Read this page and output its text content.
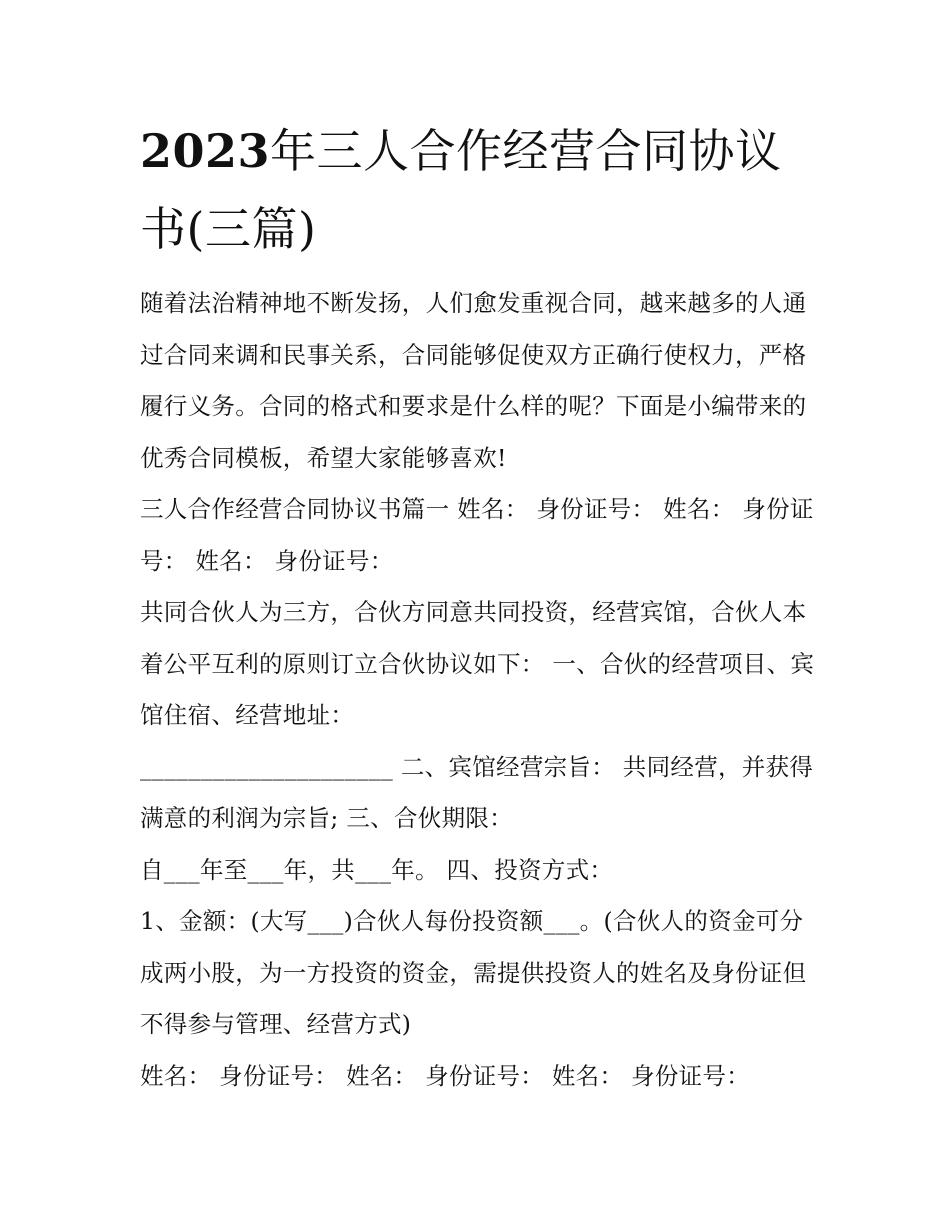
2023年三人合作经营合同协议书(三篇)

随着法治精神地不断发扬，人们愈发重视合同，越来越多的人通过合同来调和民事关系，合同能够促使双方正确行使权力，严格履行义务。合同的格式和要求是什么样的呢？下面是小编带来的优秀合同模板，希望大家能够喜欢!

三人合作经营合同协议书篇一 姓名： 身份证号： 姓名： 身份证号： 姓名： 身份证号：

共同合伙人为三方，合伙方同意共同投资，经营宾馆，合伙人本着公平互利的原则订立合伙协议如下： 一、合伙的经营项目、宾馆住宿、经营地址：

_____________________ 二、宾馆经营宗旨： 共同经营，并获得满意的利润为宗旨; 三、合伙期限：

自___年至___年，共___年。 四、投资方式：

1、金额：(大写___)合伙人每份投资额___。(合伙人的资金可分成两小股，为一方投资的资金，需提供投资人的姓名及身份证但不得参与管理、经营方式)

姓名： 身份证号： 姓名： 身份证号： 姓名： 身份证号：
